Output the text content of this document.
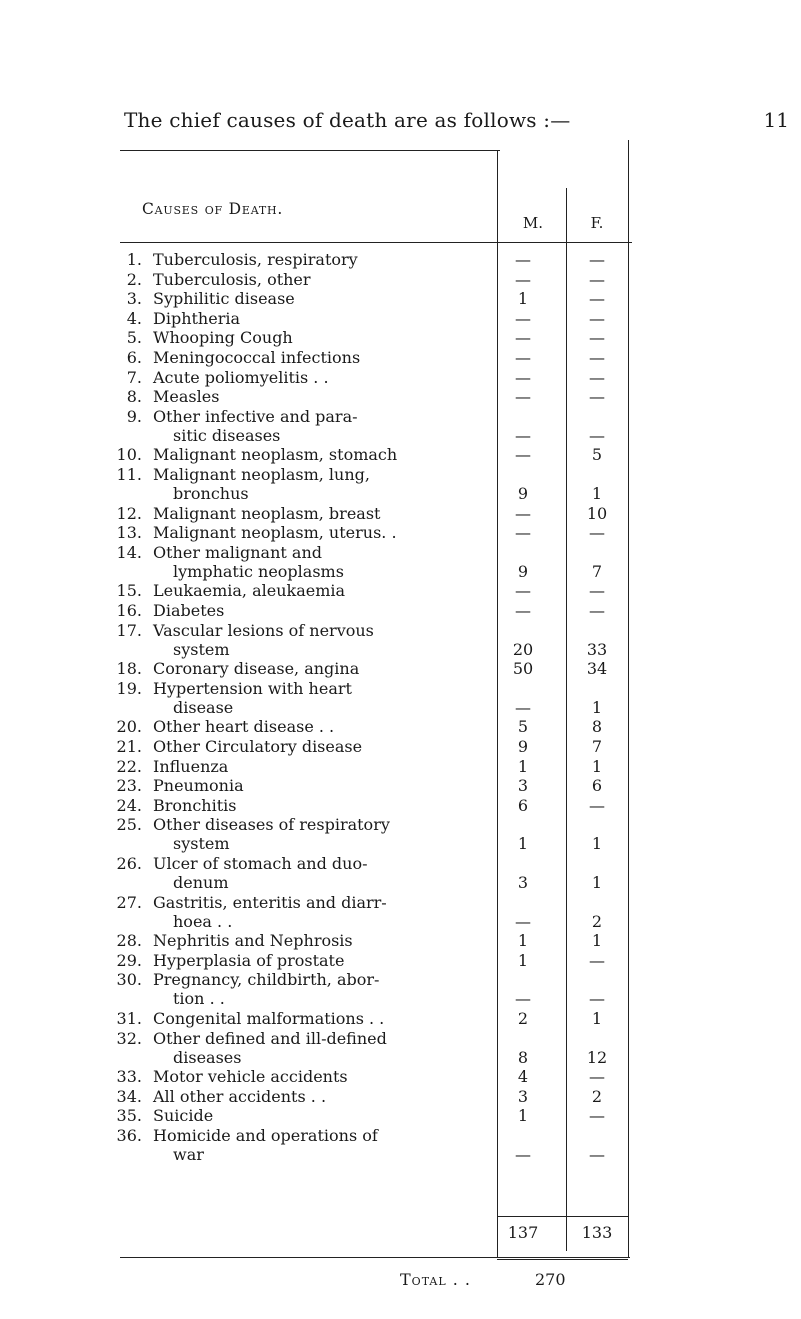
The chief causes of death are as follows :—	11
Causes of Death.
M.	F.
1. Tuberculosis, respiratory	—	—
2. Tuberculosis, other	—	—
3. Syphilitic disease	1	—
4. Diphtheria	—	—
5. Whooping Cough	—	—
6. Meningococcal infections	—	—
7. Acute poliomyelitis . .	—	—
8. Measles	—	—
9. Other infective and para-
sitic diseases	—	—
10. Malignant neoplasm, stomach	—	5
11. Malignant neoplasm, lung,
bronchus	9	1
12. Malignant neoplasm, breast	—	10
13. Malignant neoplasm, uterus. .	—	—
14. Other malignant and
lymphatic neoplasms	9	7
15. Leukaemia, aleukaemia	—	—
16. Diabetes	—	—
17. Vascular lesions of nervous
system	20	33
18. Coronary disease, angina	50	34
19. Hypertension with heart
disease	—	1
20. Other heart disease . .	5	8
21. Other Circulatory disease	9	7
22. Influenza	1	1
23. Pneumonia	3	6
24. Bronchitis	6	—
25. Other diseases of respiratory
system	1	1
26. Ulcer of stomach and duo-
denum	3	1
27. Gastritis, enteritis and diarr-
hoea . .	—	2
28. Nephritis and Nephrosis	1	1
29. Hyperplasia of prostate	1	—
30. Pregnancy, childbirth, abor-
tion . .	—	—
31. Congenital malformations . .	2	1
32. Other defined and ill-defined
diseases	8	12
33. Motor vehicle accidents	4	—
34. All other accidents . .	3	2
35. Suicide	1	—
36. Homicide and operations of
war	—	—
137	133
Total . .	270
